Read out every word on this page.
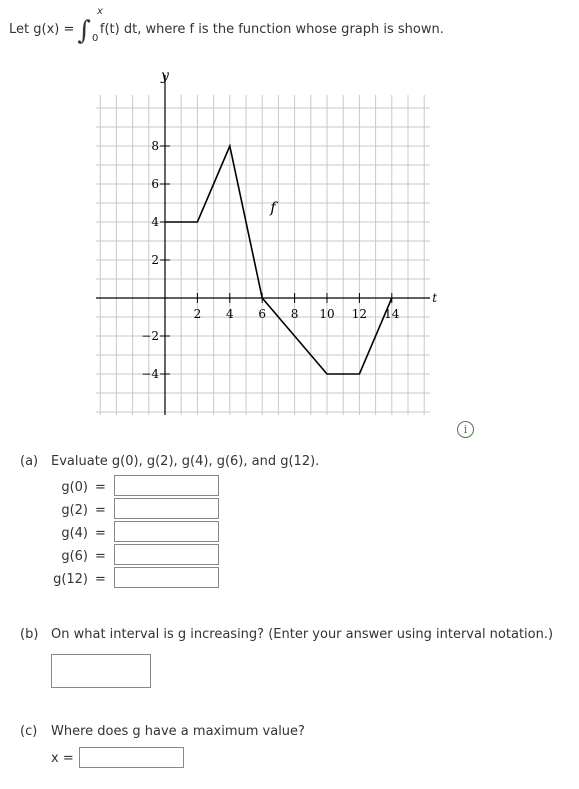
Let g(x) = ∫
x
0
f(t) dt, where f is the function whose graph is shown.
2 4 6 8 10 12 14
8
6
4
2
−2
−4
y
t
f
i
(a) Evaluate g(0), g(2), g(4), g(6), and g(12).
g(0) =
g(2) =
g(4) =
g(6) =
g(12) =
(b) On what interval is g increasing? (Enter your answer using interval notation.)
(c) Where does g have a maximum value?
x =
